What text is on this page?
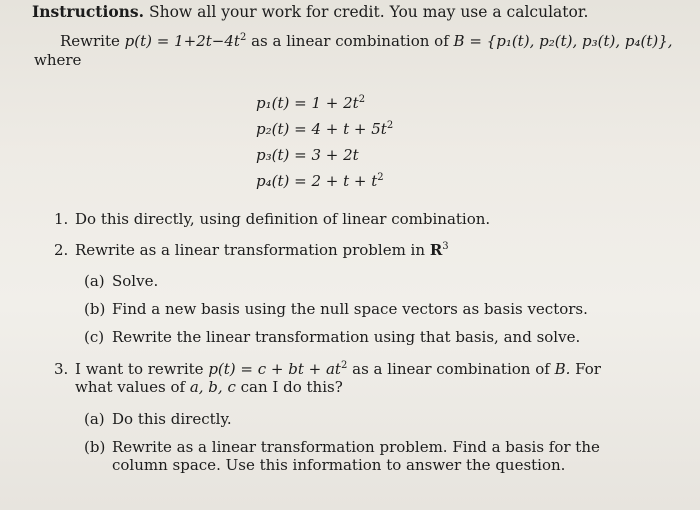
Instructions. Show all your work for credit. You may use a calculator.
Rewrite $p(t) = 1+2t-4t^2$ as a linear combination of B = {p₁(t), p₂(t), p₃(t), p₄(t)},
where
$p_1(t) = 1 + 2t^2$
$p_2(t) = 4 + t + 5t^2$
p₃(t) = 3 + 2t
$p_4(t) = 2 + t + t^2$
1. Do this directly, using definition of linear combination.
2. Rewrite as a linear transformation problem in $R^3$
(a) Solve.
(b) Find a new basis using the null space vectors as basis vectors.
(c) Rewrite the linear transformation using that basis, and solve.
3. I want to rewrite p(t) = c + bt + $at^2$ as a linear combination of B. For
what values of a, b, c can I do this?
(a) Do this directly.
(b) Rewrite as a linear transformation problem. Find a basis for the
column space. Use this information to answer the question.
